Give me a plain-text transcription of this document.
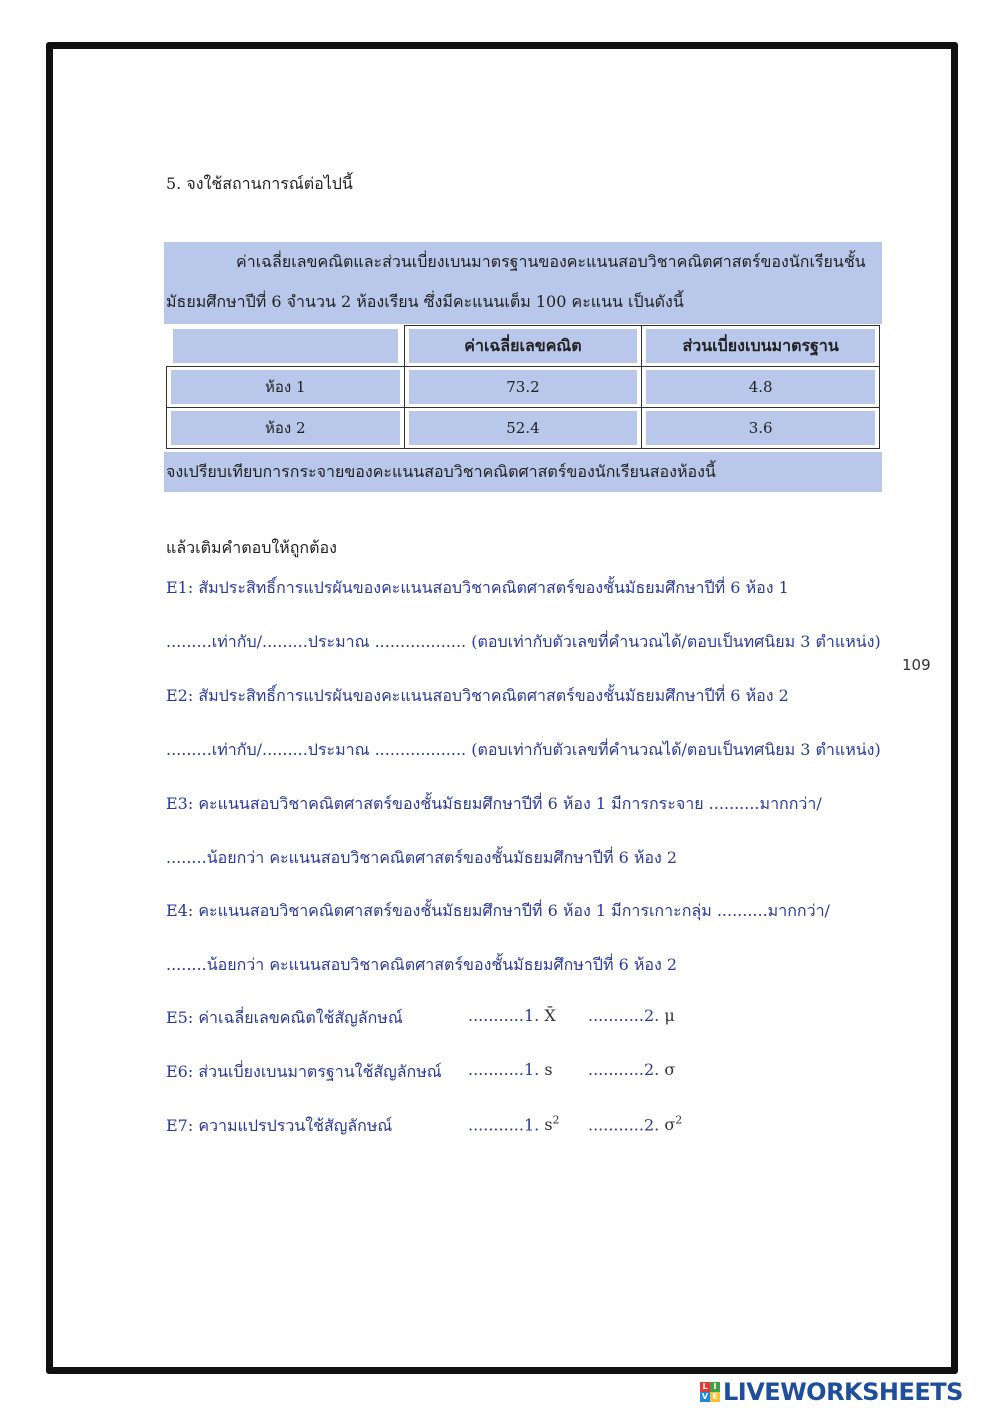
5. จงใช้สถานการณ์ต่อไปนี้
ค่าเฉลี่ยเลขคณิตและส่วนเบี่ยงเบนมาตรฐานของคะแนนสอบวิชาคณิตศาสตร์ของนักเรียนชั้น
มัธยมศึกษาปีที่ 6 จำนวน 2 ห้องเรียน ซึ่งมีคะแนนเต็ม 100 คะแนน เป็นดังนี้

	ค่าเฉลี่ยเลขคณิต	ส่วนเบี่ยงเบนมาตรฐาน

ห้อง 1	73.2	4.8

ห้อง 2	52.4	3.6
จงเปรียบเทียบการกระจายของคะแนนสอบวิชาคณิตศาสตร์ของนักเรียนสองห้องนี้
แล้วเติมคำตอบให้ถูกต้อง
E1: สัมประสิทธิ์การแปรผันของคะแนนสอบวิชาคณิตศาสตร์ของชั้นมัธยมศึกษาปีที่ 6 ห้อง 1
.........เท่ากับ/.........ประมาณ .................. (ตอบเท่ากับตัวเลขที่คำนวณได้/ตอบเป็นทศนิยม 3 ตำแหน่ง)
E2: สัมประสิทธิ์การแปรผันของคะแนนสอบวิชาคณิตศาสตร์ของชั้นมัธยมศึกษาปีที่ 6 ห้อง 2
.........เท่ากับ/.........ประมาณ .................. (ตอบเท่ากับตัวเลขที่คำนวณได้/ตอบเป็นทศนิยม 3 ตำแหน่ง)
E3: คะแนนสอบวิชาคณิตศาสตร์ของชั้นมัธยมศึกษาปีที่ 6 ห้อง 1 มีการกระจาย ..........มากกว่า/
........น้อยกว่า คะแนนสอบวิชาคณิตศาสตร์ของชั้นมัธยมศึกษาปีที่ 6 ห้อง 2
E4: คะแนนสอบวิชาคณิตศาสตร์ของชั้นมัธยมศึกษาปีที่ 6 ห้อง 1 มีการเกาะกลุ่ม ..........มากกว่า/
........น้อยกว่า คะแนนสอบวิชาคณิตศาสตร์ของชั้นมัธยมศึกษาปีที่ 6 ห้อง 2
E5: ค่าเฉลี่ยเลขคณิตใช้สัญลักษณ์	...........1. X̄ ...........2. μ
E6: ส่วนเบี่ยงเบนมาตรฐานใช้สัญลักษณ์ ...........1. s ...........2. σ
E7: ความแปรปรวนใช้สัญลักษณ์	...........1. $s^2$ ...........2. $\sigma^2$
109
L I
V E LIVEWORKSHEETS
